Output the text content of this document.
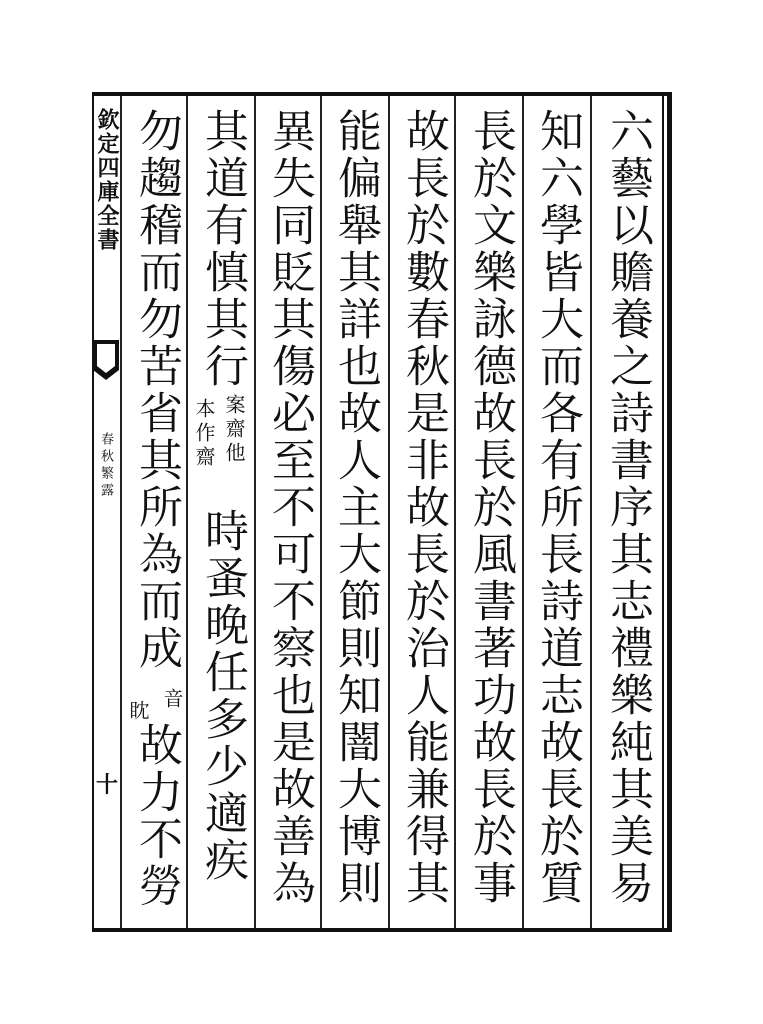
欽定四庫全書
春秋繁露
十
六藝以贍養之詩書序其志禮樂純其美易
知六學皆大而各有所長詩道志故長於質
長於文樂詠德故長於風書著功故長於事
故長於數春秋是非故長於治人能兼得其
能偏舉其詳也故人主大節則知闇大博則
異失同貶其傷必至不可不察也是故善為
其道有慎其行
案齋他
本作齋
時蚤晚任多少適疾
勿趨稽而勿苦省其所為而成
音
眈
故力不勞
